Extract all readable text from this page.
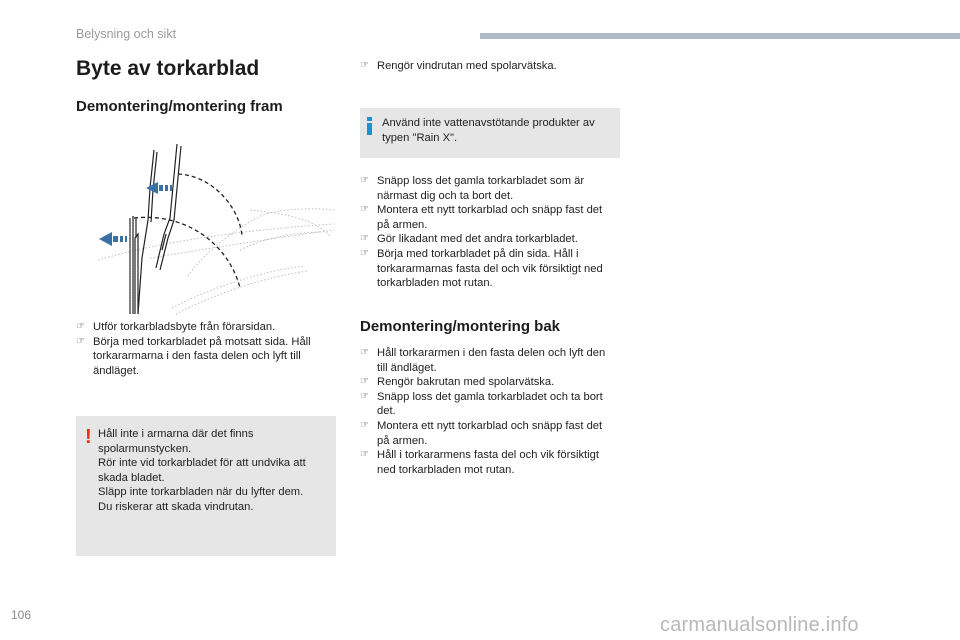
Belysning och sikt
Byte av torkarblad
Demontering/montering fram
☞ Utför torkarbladsbyte från förarsidan.
☞ Börja med torkarbladet på motsatt sida. Håll torkararmarna i den fasta delen och lyft till ändläget.
! Håll inte i armarna där det finns spolarmunstycken.
Rör inte vid torkarbladet för att undvika att skada bladet.
Släpp inte torkarbladen när du lyfter dem.
Du riskerar att skada vindrutan.
☞ Rengör vindrutan med spolarvätska.
Använd inte vattenavstötande produkter av typen "Rain X".
☞ Snäpp loss det gamla torkarbladet som är närmast dig och ta bort det.
☞ Montera ett nytt torkarblad och snäpp fast det på armen.
☞ Gör likadant med det andra torkarbladet.
☞ Börja med torkarbladet på din sida. Håll i torkararmarnas fasta del och vik försiktigt ned torkarbladen mot rutan.
Demontering/montering bak
☞ Håll torkararmen i den fasta delen och lyft den till ändläget.
☞ Rengör bakrutan med spolarvätska.
☞ Snäpp loss det gamla torkarbladet och ta bort det.
☞ Montera ett nytt torkarblad och snäpp fast det på armen.
☞ Håll i torkararmens fasta del och vik försiktigt ned torkarbladen mot rutan.
106	carmanualsonline.info
